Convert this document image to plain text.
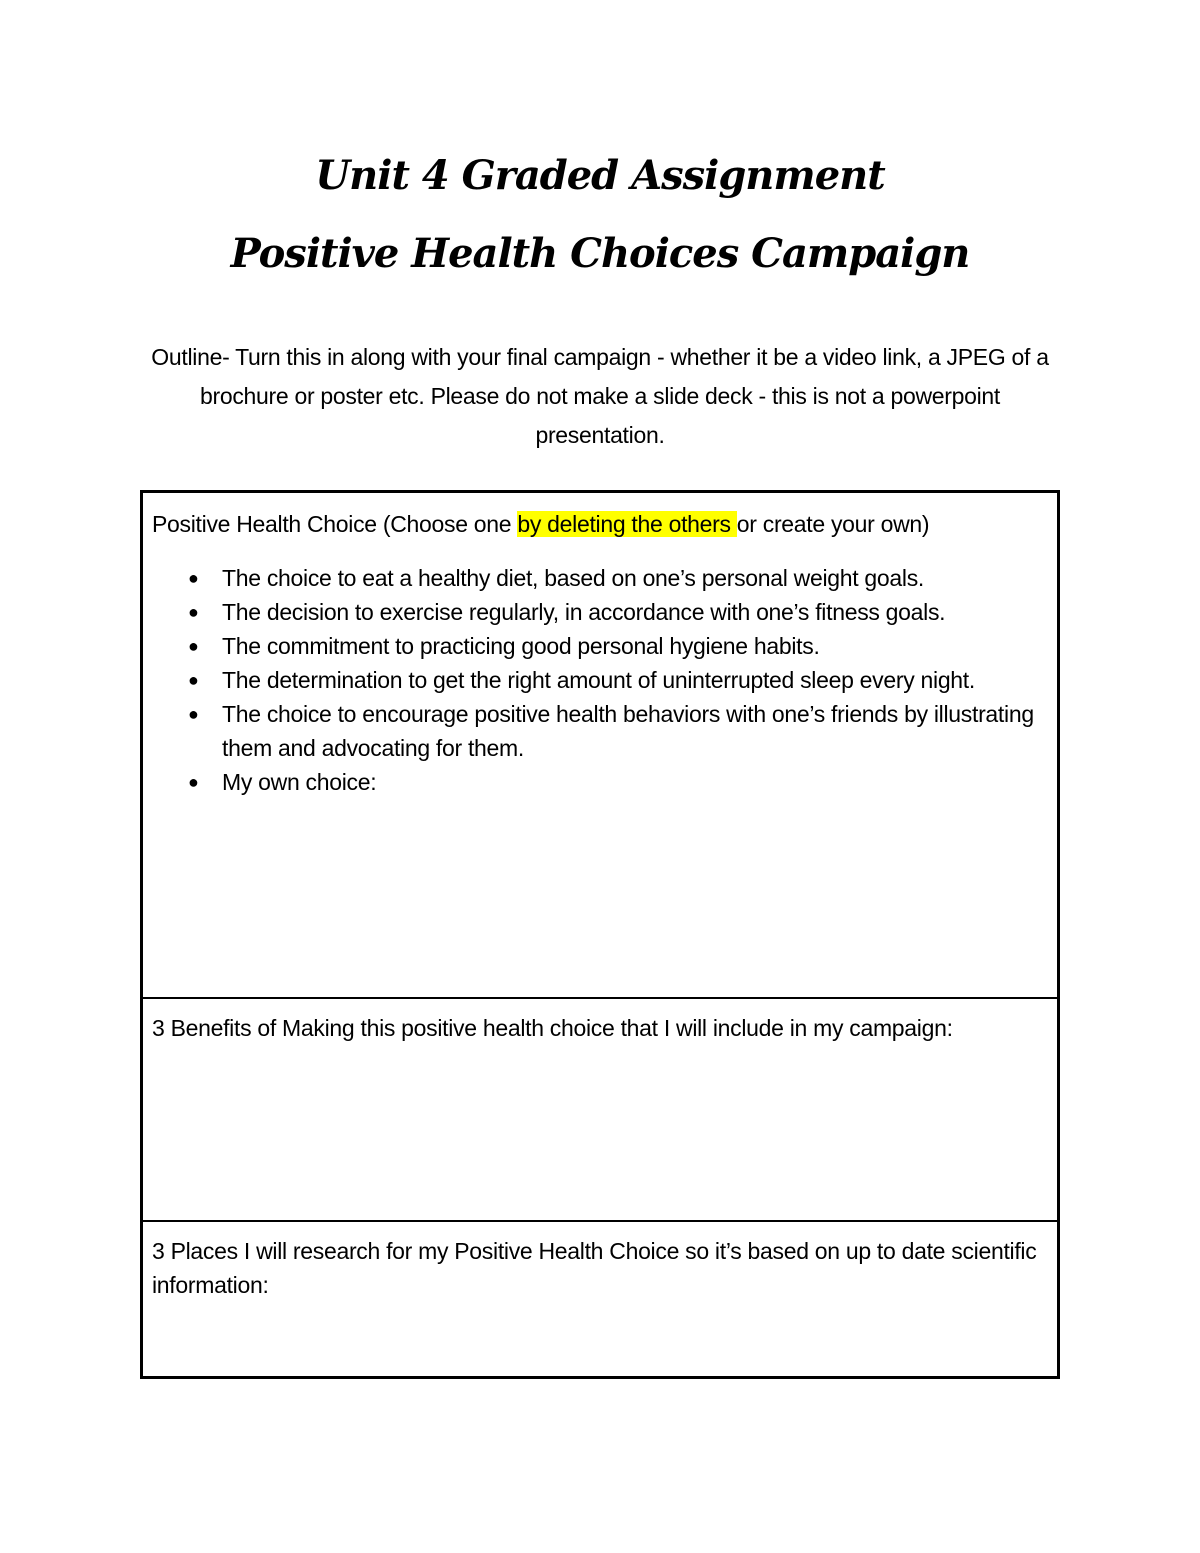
Unit 4 Graded Assignment
Positive Health Choices Campaign

Outline- Turn this in along with your final campaign - whether it be a video link, a JPEG of a brochure or poster etc. Please do not make a slide deck - this is not a powerpoint presentation.

Positive Health Choice (Choose one by deleting the others or create your own)
● The choice to eat a healthy diet, based on one’s personal weight goals.
● The decision to exercise regularly, in accordance with one’s fitness goals.
● The commitment to practicing good personal hygiene habits.
● The determination to get the right amount of uninterrupted sleep every night.
● The choice to encourage positive health behaviors with one’s friends by illustrating them and advocating for them.
● My own choice:
3 Benefits of Making this positive health choice that I will include in my campaign:
3 Places I will research for my Positive Health Choice so it’s based on up to date scientific information:
